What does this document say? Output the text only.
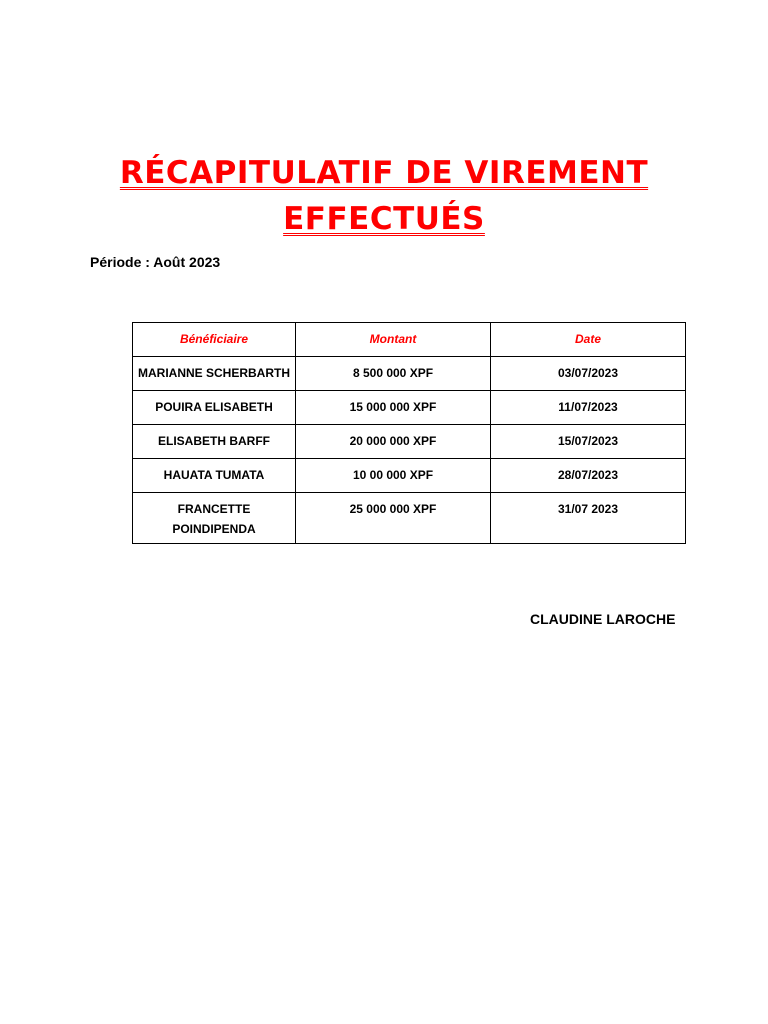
RÉCAPITULATIF DE VIREMENT
EFFECTUÉS
Période : Août 2023
Bénéficiaire	Montant	Date
MARIANNE SCHERBARTH	8 500 000 XPF	03/07/2023
POUIRA ELISABETH	15 000 000 XPF	11/07/2023
ELISABETH BARFF	20 000 000 XPF	15/07/2023
HAUATA TUMATA	10 00 000 XPF	28/07/2023
FRANCETTE POINDIPENDA	25 000 000 XPF	31/07 2023
CLAUDINE LAROCHE
